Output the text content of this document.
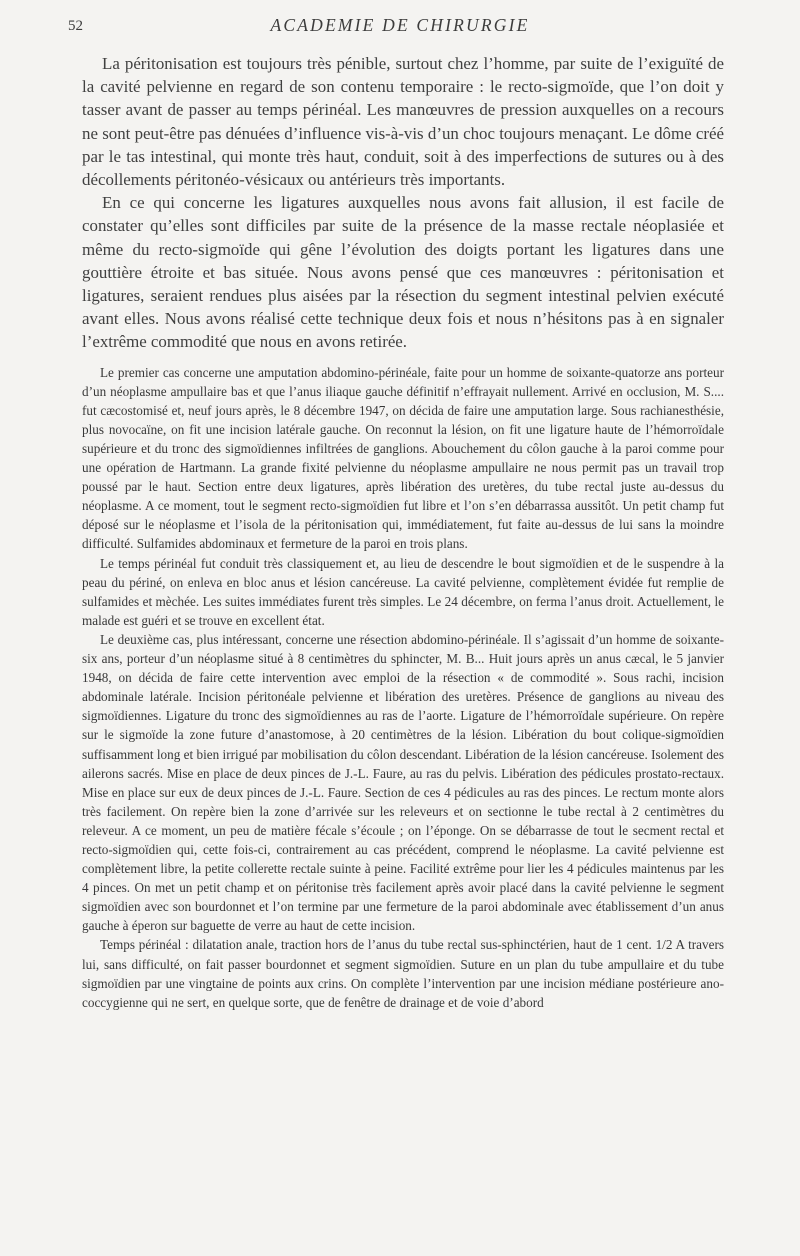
52	ACADEMIE DE CHIRURGIE

La péritonisation est toujours très pénible, surtout chez l’homme, par suite de l’exiguïté de la cavité pelvienne en regard de son contenu temporaire : le recto-sigmoïde, que l’on doit y tasser avant de passer au temps périnéal. Les manœuvres de pression auxquelles on a recours ne sont peut-être pas dénuées d’influence vis-à-vis d’un choc toujours menaçant. Le dôme créé par le tas intestinal, qui monte très haut, conduit, soit à des imperfections de sutures ou à des décollements péritonéo-vésicaux ou antérieurs très importants.

En ce qui concerne les ligatures auxquelles nous avons fait allusion, il est facile de constater qu’elles sont difficiles par suite de la présence de la masse rectale néoplasiée et même du recto-sigmoïde qui gêne l’évolution des doigts portant les ligatures dans une gouttière étroite et bas située. Nous avons pensé que ces manœuvres : péritonisation et ligatures, seraient rendues plus aisées par la résection du segment intestinal pelvien exécuté avant elles. Nous avons réalisé cette technique deux fois et nous n’hésitons pas à en signaler l’extrême commodité que nous en avons retirée.

Le premier cas concerne une amputation abdomino-périnéale, faite pour un homme de soixante-quatorze ans porteur d’un néoplasme ampullaire bas et que l’anus iliaque gauche définitif n’effrayait nullement. Arrivé en occlusion, M. S.... fut cæcostomisé et, neuf jours après, le 8 décembre 1947, on décida de faire une amputation large. Sous rachianesthésie, plus novocaïne, on fit une incision latérale gauche. On reconnut la lésion, on fit une ligature haute de l’hémorroïdale supérieure et du tronc des sigmoïdiennes infiltrées de ganglions. Abouchement du côlon gauche à la paroi comme pour une opération de Hartmann. La grande fixité pelvienne du néoplasme ampullaire ne nous permit pas un travail trop poussé par le haut. Section entre deux ligatures, après libération des uretères, du tube rectal juste au-dessus du néoplasme. A ce moment, tout le segment recto-sigmoïdien fut libre et l’on s’en débarrassa aussitôt. Un petit champ fut déposé sur le néoplasme et l’isola de la péritonisation qui, immédiatement, fut faite au-dessus de lui sans la moindre difficulté. Sulfamides abdominaux et fermeture de la paroi en trois plans.

Le temps périnéal fut conduit très classiquement et, au lieu de descendre le bout sigmoïdien et de le suspendre à la peau du périné, on enleva en bloc anus et lésion cancéreuse. La cavité pelvienne, complètement évidée fut remplie de sulfamides et mèchée. Les suites immédiates furent très simples. Le 24 décembre, on ferma l’anus droit. Actuellement, le malade est guéri et se trouve en excellent état.

Le deuxième cas, plus intéressant, concerne une résection abdomino-périnéale. Il s’agissait d’un homme de soixante-six ans, porteur d’un néoplasme situé à 8 centimètres du sphincter, M. B... Huit jours après un anus cæcal, le 5 janvier 1948, on décida de faire cette intervention avec emploi de la résection « de commodité ». Sous rachi, incision abdominale latérale. Incision péritonéale pelvienne et libération des uretères. Présence de ganglions au niveau des sigmoïdiennes. Ligature du tronc des sigmoïdiennes au ras de l’aorte. Ligature de l’hémorroïdale supérieure. On repère sur le sigmoïde la zone future d’anastomose, à 20 centimètres de la lésion. Libération du bout colique-sigmoïdien suffisamment long et bien irrigué par mobilisation du côlon descendant. Libération de la lésion cancéreuse. Isolement des ailerons sacrés. Mise en place de deux pinces de J.-L. Faure, au ras du pelvis. Libération des pédicules prostato-rectaux. Mise en place sur eux de deux pinces de J.-L. Faure. Section de ces 4 pédicules au ras des pinces. Le rectum monte alors très facilement. On repère bien la zone d’arrivée sur les releveurs et on sectionne le tube rectal à 2 centimètres du releveur. A ce moment, un peu de matière fécale s’écoule ; on l’éponge. On se débarrasse de tout le secment rectal et recto-sigmoïdien qui, cette fois-ci, contrairement au cas précédent, comprend le néoplasme. La cavité pelvienne est complètement libre, la petite collerette rectale suinte à peine. Facilité extrême pour lier les 4 pédicules maintenus par les 4 pinces. On met un petit champ et on péritonise très facilement après avoir placé dans la cavité pelvienne le segment sigmoïdien avec son bourdonnet et l’on termine par une fermeture de la paroi abdominale avec établissement d’un anus gauche à éperon sur baguette de verre au haut de cette incision.

Temps périnéal : dilatation anale, traction hors de l’anus du tube rectal sus-sphinctérien, haut de 1 cent. 1/2 A travers lui, sans difficulté, on fait passer bourdonnet et segment sigmoïdien. Suture en un plan du tube ampullaire et du tube sigmoïdien par une vingtaine de points aux crins. On complète l’intervention par une incision médiane postérieure ano-coccygienne qui ne sert, en quelque sorte, que de fenêtre de drainage et de voie d’abord
